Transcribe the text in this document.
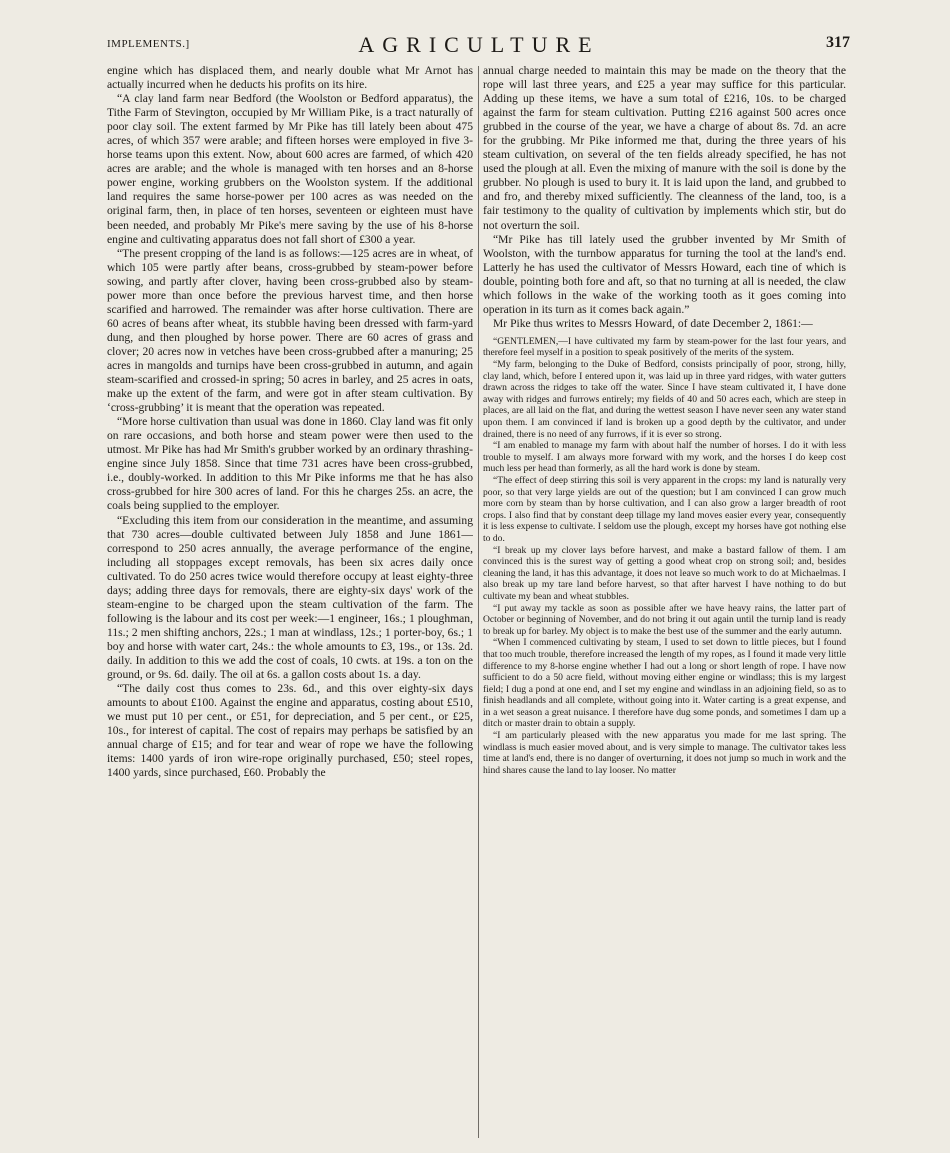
IMPLEMENTS.]	AGRICULTURE	317

engine which has displaced them, and nearly double what Mr Arnot has actually incurred when he deducts his profits on its hire.

“A clay land farm near Bedford (the Woolston or Bedford apparatus), the Tithe Farm of Stevington, occupied by Mr William Pike, is a tract naturally of poor clay soil. The extent farmed by Mr Pike has till lately been about 475 acres, of which 357 were arable; and fifteen horses were employed in five 3-horse teams upon this extent. Now, about 600 acres are farmed, of which 420 acres are arable; and the whole is managed with ten horses and an 8-horse power engine, working grubbers on the Woolston system. If the additional land requires the same horse-power per 100 acres as was needed on the original farm, then, in place of ten horses, seventeen or eighteen must have been needed, and probably Mr Pike's mere saving by the use of his 8-horse engine and cultivating apparatus does not fall short of £300 a year.

“The present cropping of the land is as follows:—125 acres are in wheat, of which 105 were partly after beans, cross-grubbed by steam-power before sowing, and partly after clover, having been cross-grubbed also by steam-power more than once before the previous harvest time, and then horse scarified and harrowed. The remainder was after horse cultivation. There are 60 acres of beans after wheat, its stubble having been dressed with farm-yard dung, and then ploughed by horse power. There are 60 acres of grass and clover; 20 acres now in vetches have been cross-grubbed after a manuring; 25 acres in mangolds and turnips have been cross-grubbed in autumn, and again steam-scarified and crossed-in spring; 50 acres in barley, and 25 acres in oats, make up the extent of the farm, and were got in after steam cultivation. By ‘cross-grubbing’ it is meant that the operation was repeated.

“More horse cultivation than usual was done in 1860. Clay land was fit only on rare occasions, and both horse and steam power were then used to the utmost. Mr Pike has had Mr Smith's grubber worked by an ordinary thrashing-engine since July 1858. Since that time 731 acres have been cross-grubbed, i.e., doubly-worked. In addition to this Mr Pike informs me that he has also cross-grubbed for hire 300 acres of land. For this he charges 25s. an acre, the coals being supplied to the employer.

“Excluding this item from our consideration in the meantime, and assuming that 730 acres—double cultivated between July 1858 and June 1861—correspond to 250 acres annually, the average performance of the engine, including all stoppages except removals, has been six acres daily once cultivated. To do 250 acres twice would therefore occupy at least eighty-three days; adding three days for removals, there are eighty-six days' work of the steam-engine to be charged upon the steam cultivation of the farm. The following is the labour and its cost per week:—1 engineer, 16s.; 1 ploughman, 11s.; 2 men shifting anchors, 22s.; 1 man at windlass, 12s.; 1 porter-boy, 6s.; 1 boy and horse with water cart, 24s.: the whole amounts to £3, 19s., or 13s. 2d. daily. In addition to this we add the cost of coals, 10 cwts. at 19s. a ton on the ground, or 9s. 6d. daily. The oil at 6s. a gallon costs about 1s. a day.

“The daily cost thus comes to 23s. 6d., and this over eighty-six days amounts to about £100. Against the engine and apparatus, costing about £510, we must put 10 per cent., or £51, for depreciation, and 5 per cent., or £25, 10s., for interest of capital. The cost of repairs may perhaps be satisfied by an annual charge of £15; and for tear and wear of rope we have the following items: 1400 yards of iron wire-rope originally purchased, £50; steel ropes, 1400 yards, since purchased, £60. Probably the

annual charge needed to maintain this may be made on the theory that the rope will last three years, and £25 a year may suffice for this particular. Adding up these items, we have a sum total of £216, 10s. to be charged against the farm for steam cultivation. Putting £216 against 500 acres once grubbed in the course of the year, we have a charge of about 8s. 7d. an acre for the grubbing. Mr Pike informed me that, during the three years of his steam cultivation, on several of the ten fields already specified, he has not used the plough at all. Even the mixing of manure with the soil is done by the grubber. No plough is used to bury it. It is laid upon the land, and grubbed to and fro, and thereby mixed sufficiently. The cleanness of the land, too, is a fair testimony to the quality of cultivation by implements which stir, but do not overturn the soil.

“Mr Pike has till lately used the grubber invented by Mr Smith of Woolston, with the turnbow apparatus for turning the tool at the land's end. Latterly he has used the cultivator of Messrs Howard, each tine of which is double, pointing both fore and aft, so that no turning at all is needed, the claw which follows in the wake of the working tooth as it goes coming into operation in its turn as it comes back again.”

Mr Pike thus writes to Messrs Howard, of date December 2, 1861:—

“GENTLEMEN,—I have cultivated my farm by steam-power for the last four years, and therefore feel myself in a position to speak positively of the merits of the system.

“My farm, belonging to the Duke of Bedford, consists principally of poor, strong, hilly, clay land, which, before I entered upon it, was laid up in three yard ridges, with water gutters drawn across the ridges to take off the water. Since I have steam cultivated it, I have done away with ridges and furrows entirely; my fields of 40 and 50 acres each, which are steep in places, are all laid on the flat, and during the wettest season I have never seen any water stand upon them. I am convinced if land is broken up a good depth by the cultivator, and under drained, there is no need of any furrows, if it is ever so strong.

“I am enabled to manage my farm with about half the number of horses. I do it with less trouble to myself. I am always more forward with my work, and the horses I do keep cost much less per head than formerly, as all the hard work is done by steam.

“The effect of deep stirring this soil is very apparent in the crops: my land is naturally very poor, so that very large yields are out of the question; but I am convinced I can grow much more corn by steam than by horse cultivation, and I can also grow a larger breadth of root crops. I also find that by constant deep tillage my land moves easier every year, consequently it is less expense to cultivate. I seldom use the plough, except my horses have got nothing else to do.

“I break up my clover lays before harvest, and make a bastard fallow of them. I am convinced this is the surest way of getting a good wheat crop on strong soil; and, besides cleaning the land, it has this advantage, it does not leave so much work to do at Michaelmas. I also break up my tare land before harvest, so that after harvest I have nothing to do but cultivate my bean and wheat stubbles.

“I put away my tackle as soon as possible after we have heavy rains, the latter part of October or beginning of November, and do not bring it out again until the turnip land is ready to break up for barley. My object is to make the best use of the summer and the early autumn.

“When I commenced cultivating by steam, I used to set down to little pieces, but I found that too much trouble, therefore increased the length of my ropes, as I found it made very little difference to my 8-horse engine whether I had out a long or short length of rope. I have now sufficient to do a 50 acre field, without moving either engine or windlass; this is my largest field; I dug a pond at one end, and I set my engine and windlass in an adjoining field, so as to finish headlands and all complete, without going into it. Water carting is a great expense, and in a wet season a great nuisance. I therefore have dug some ponds, and sometimes I dam up a ditch or master drain to obtain a supply.

“I am particularly pleased with the new apparatus you made for me last spring. The windlass is much easier moved about, and is very simple to manage. The cultivator takes less time at land's end, there is no danger of overturning, it does not jump so much in work and the hind shares cause the land to lay looser. No matter
